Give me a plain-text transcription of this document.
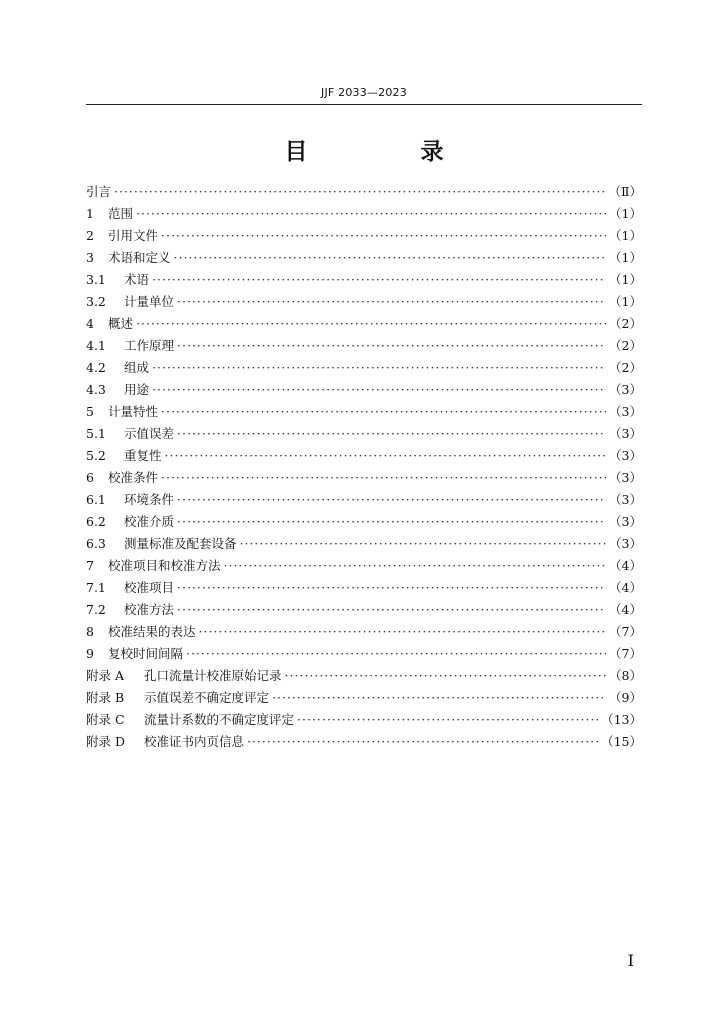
JJF 2033—2023
目　录
引言 ·····	（Ⅱ）
1	范围 ·····	（1）
2	引用文件 ·····	（1）
3	术语和定义 ·····	（1）
3.1	术语 ·····	（1）
3.2	计量单位 ·····	（1）
4	概述 ·····	（2）
4.1	工作原理 ·····	（2）
4.2	组成 ·····	（2）
4.3	用途 ·····	（3）
5	计量特性 ·····	（3）
5.1	示值误差 ·····	（3）
5.2	重复性 ·····	（3）
6	校准条件 ·····	（3）
6.1	环境条件 ·····	（3）
6.2	校准介质 ·····	（3）
6.3	测量标准及配套设备 ·····	（3）
7	校准项目和校准方法 ·····	（4）
7.1	校准项目 ·····	（4）
7.2	校准方法 ·····	（4）
8	校准结果的表达 ·····	（7）
9	复校时间间隔 ·····	（7）
附录 A	孔口流量计校准原始记录 ·····	（8）
附录 B	示值误差不确定度评定 ·····	（9）
附录 C	流量计系数的不确定度评定 ·····	（13）
附录 D	校准证书内页信息 ·····	（15）
I
